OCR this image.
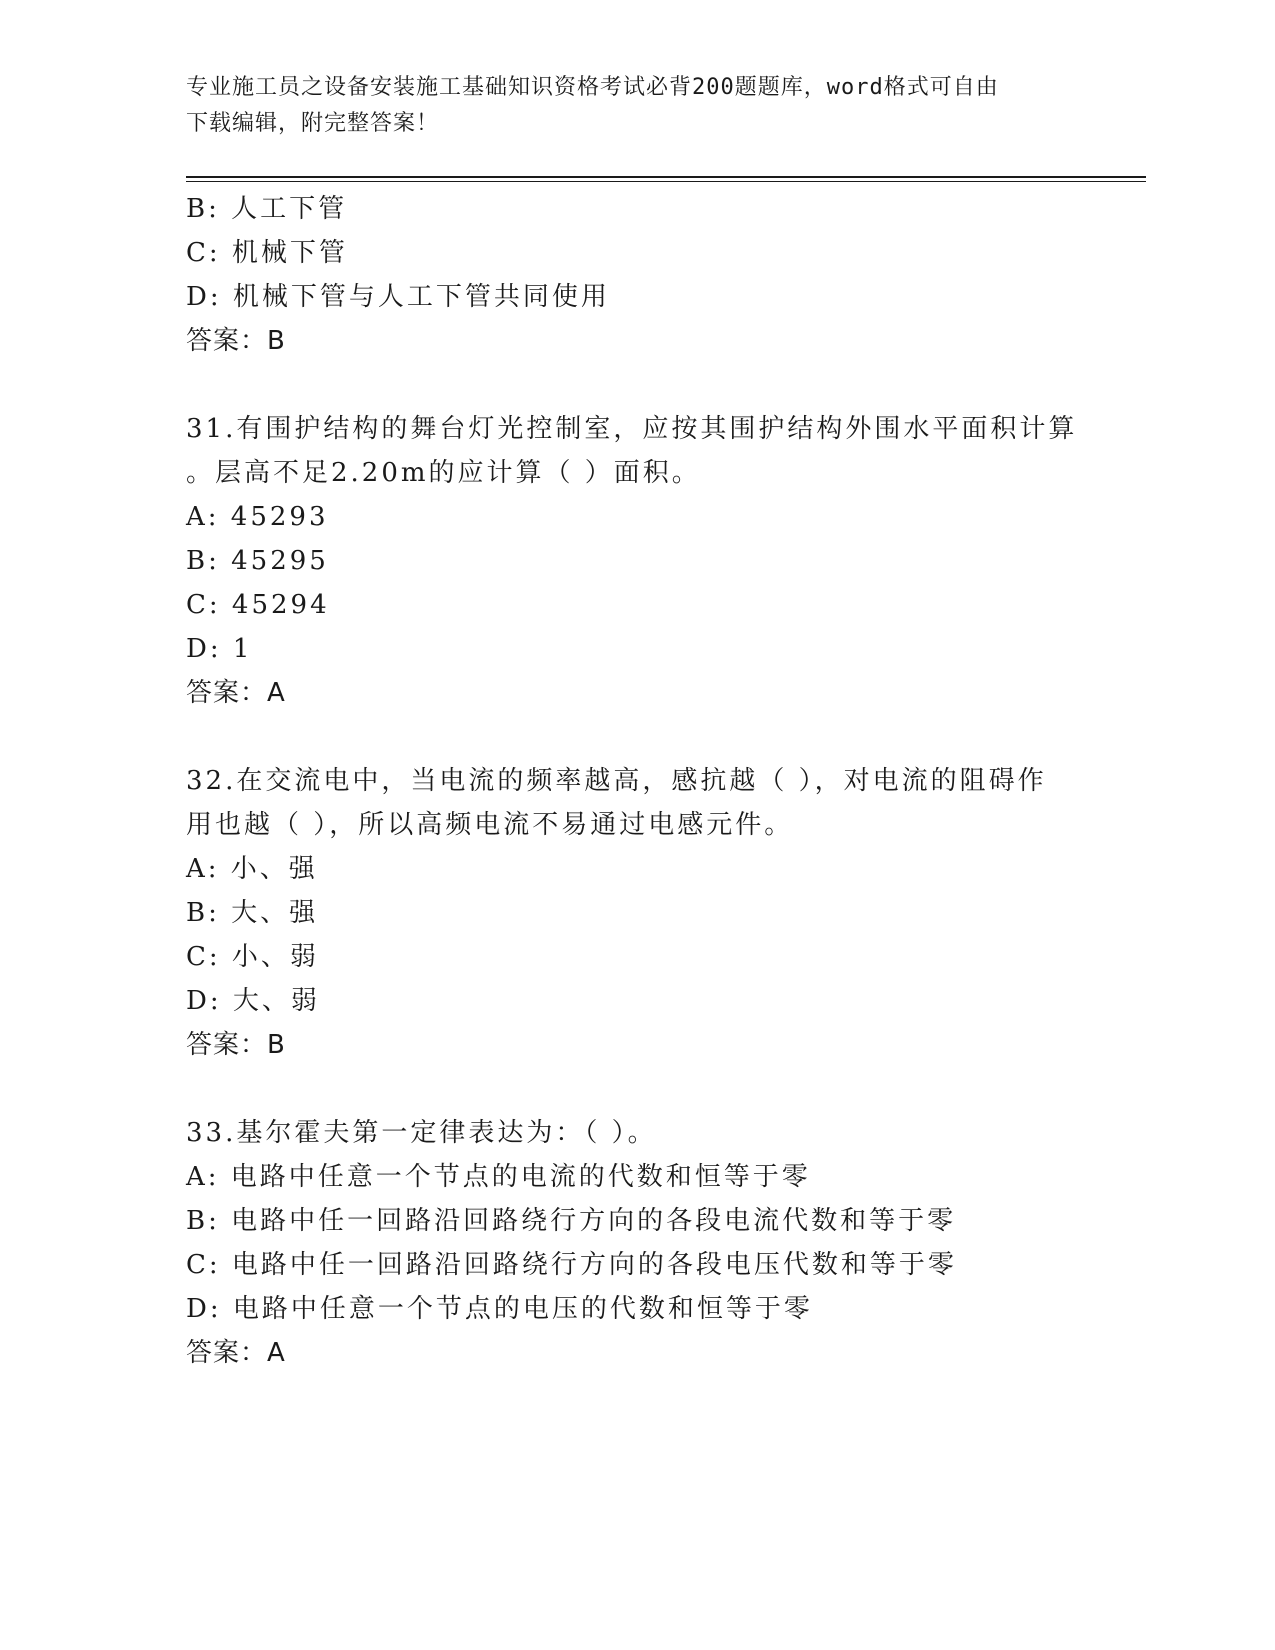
专业施工员之设备安装施工基础知识资格考试必背200题题库，word格式可自由
下载编辑，附完整答案！
B: 人工下管
C: 机械下管
D: 机械下管与人工下管共同使用
答案：B
31.有围护结构的舞台灯光控制室，应按其围护结构外围水平面积计算
。层高不足2.20m的应计算（ ）面积。
A: 45293
B: 45295
C: 45294
D: 1
答案：A
32.在交流电中，当电流的频率越高，感抗越（ ），对电流的阻碍作
用也越（ ），所以高频电流不易通过电感元件。
A: 小、强
B: 大、强
C: 小、弱
D: 大、弱
答案：B
33.基尔霍夫第一定律表达为：（ ）。
A: 电路中任意一个节点的电流的代数和恒等于零
B: 电路中任一回路沿回路绕行方向的各段电流代数和等于零
C: 电路中任一回路沿回路绕行方向的各段电压代数和等于零
D: 电路中任意一个节点的电压的代数和恒等于零
答案：A
